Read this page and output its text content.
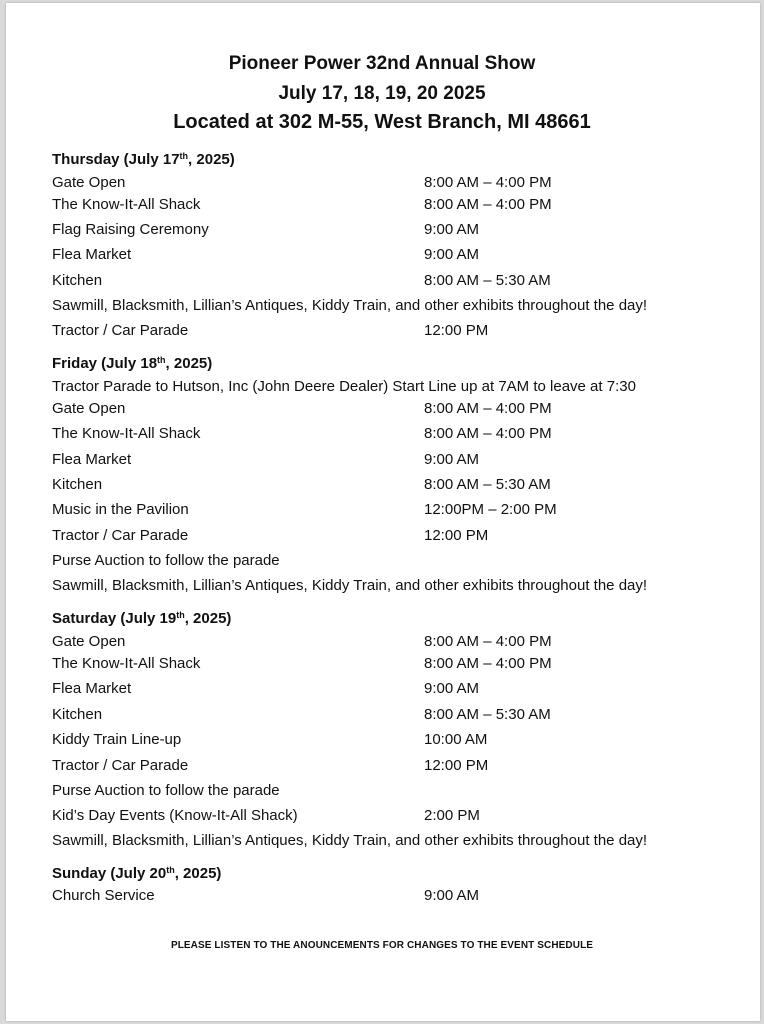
Pioneer Power 32nd Annual Show
July 17, 18, 19, 20 2025
Located at 302 M-55, West Branch, MI 48661
Thursday (July 17th, 2025)
Gate Open	8:00 AM – 4:00 PM
The Know-It-All Shack	8:00 AM – 4:00 PM
Flag Raising Ceremony	9:00 AM
Flea Market	9:00 AM
Kitchen	8:00 AM – 5:30 AM
Sawmill, Blacksmith, Lillian’s Antiques, Kiddy Train, and other exhibits throughout the day!
Tractor / Car Parade	12:00 PM
Friday (July 18th, 2025)
Tractor Parade to Hutson, Inc (John Deere Dealer) Start Line up at 7AM to leave at 7:30
Gate Open	8:00 AM – 4:00 PM
The Know-It-All Shack	8:00 AM – 4:00 PM
Flea Market	9:00 AM
Kitchen	8:00 AM – 5:30 AM
Music in the Pavilion	12:00PM – 2:00 PM
Tractor / Car Parade	12:00 PM
Purse Auction to follow the parade
Sawmill, Blacksmith, Lillian’s Antiques, Kiddy Train, and other exhibits throughout the day!
Saturday (July 19th, 2025)
Gate Open	8:00 AM – 4:00 PM
The Know-It-All Shack	8:00 AM – 4:00 PM
Flea Market	9:00 AM
Kitchen	8:00 AM – 5:30 AM
Kiddy Train Line-up	10:00 AM
Tractor / Car Parade	12:00 PM
Purse Auction to follow the parade
Kid’s Day Events (Know-It-All Shack)	2:00 PM
Sawmill, Blacksmith, Lillian’s Antiques, Kiddy Train, and other exhibits throughout the day!
Sunday (July 20th, 2025)
Church Service	9:00 AM
PLEASE LISTEN TO THE ANOUNCEMENTS FOR CHANGES TO THE EVENT SCHEDULE
